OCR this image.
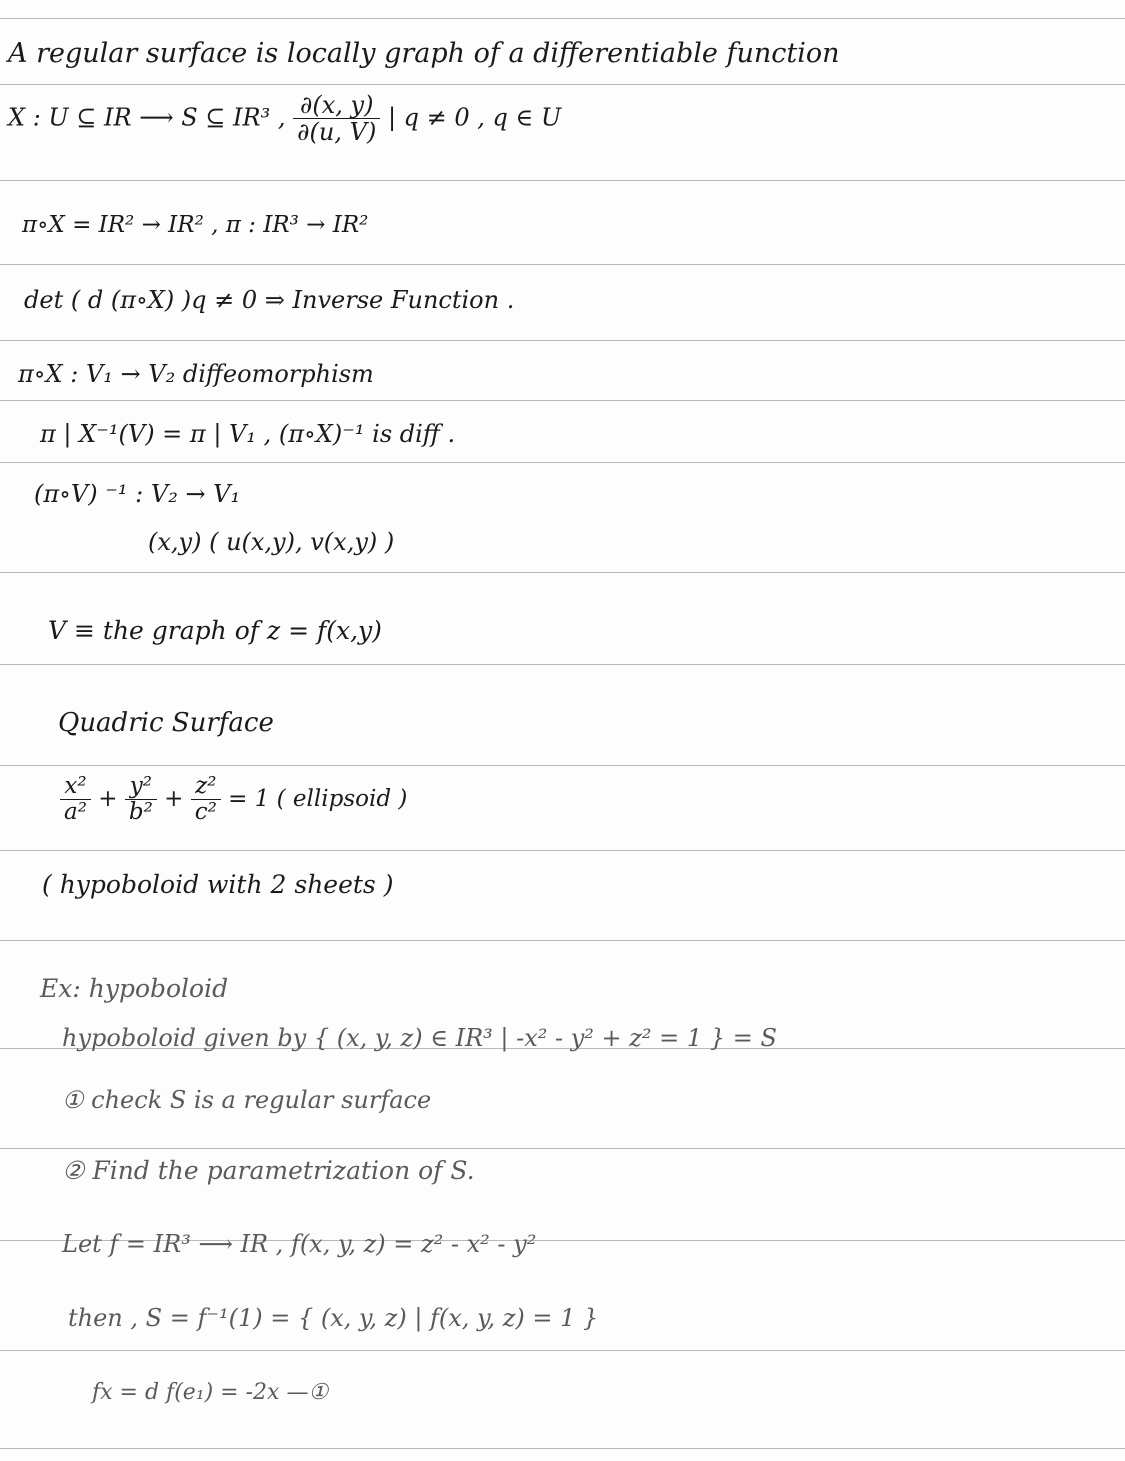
A regular surface is locally graph of a differentiable function
X : U ⊆ IR ⟶ S ⊆ IR³ , $\frac{\partial(x, y)}{\partial(u, V)}$ | q ≠ 0 , q ∈ U
π∘X = IR² → IR² , π : IR³ → IR²
det ( d (π∘X) )q ≠ 0 ⇒ Inverse Function .
π∘X : V₁ → V₂ diffeomorphism
π | X⁻¹(V) = π | V₁ , (π∘X)⁻¹ is diff .
(π∘V) ⁻¹ : V₂ → V₁
(x,y) ( u(x,y), v(x,y) )
V ≡ the graph of z = f(x,y)
Quadric Surface
$\frac{\text{x²}}{\text{a²}} + \frac{\text{y²}}{\text{b²}} + \frac{\text{z²}}{\text{c²}} = 1$ ( ellipsoid )
( hypoboloid with 2 sheets )
Ex: hypoboloid
hypoboloid given by { (x, y, z) ∈ IR³ | -x² - y² + z² = 1 } = S
① check S is a regular surface
② Find the parametrization of S.
Let f = IR³ ⟶ IR , f(x, y, z) = z² - x² - y²
then , S = f⁻¹(1) = { (x, y, z) | f(x, y, z) = 1 }
fx = d f(e₁) = -2x —①
